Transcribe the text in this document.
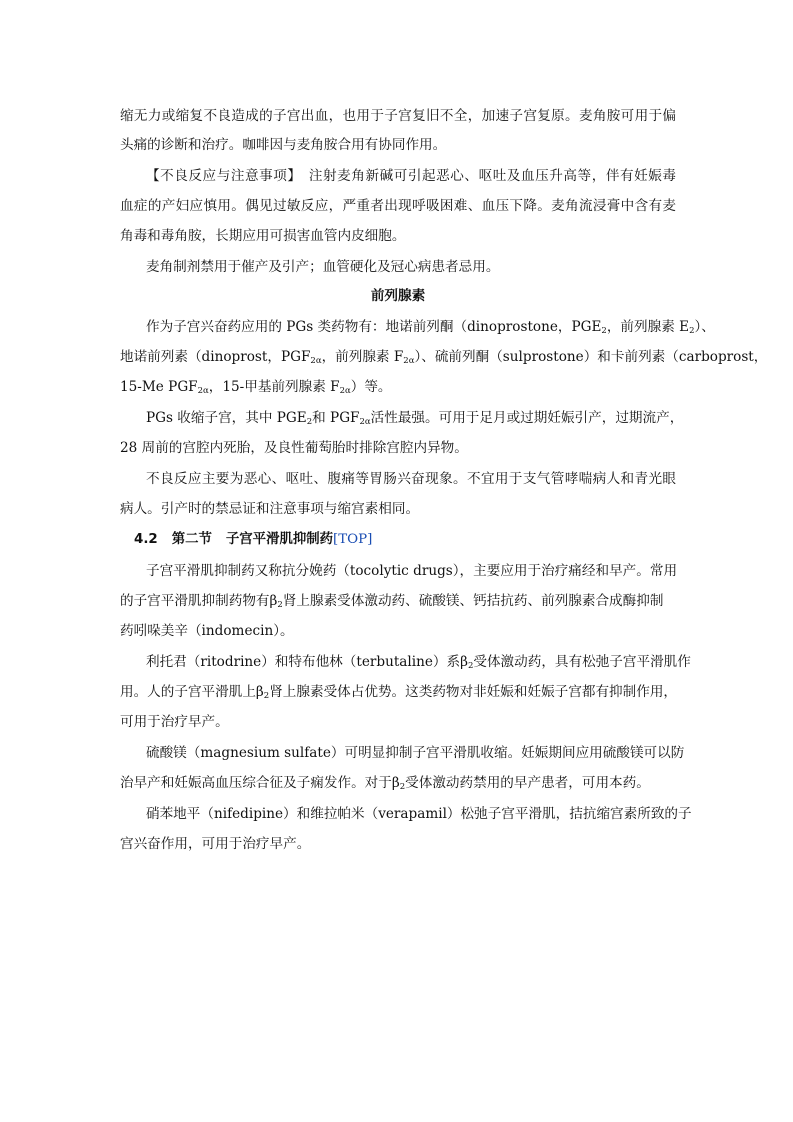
缩无力或缩复不良造成的子宫出血，也用于子宫复旧不全，加速子宫复原。麦角胺可用于偏

头痛的诊断和治疗。咖啡因与麦角胺合用有协同作用。

【不良反应与注意事项】　注射麦角新碱可引起恶心、呕吐及血压升高等，伴有妊娠毒

血症的产妇应慎用。偶见过敏反应，严重者出现呼吸困难、血压下降。麦角流浸膏中含有麦

角毒和毒角胺，长期应用可损害血管内皮细胞。

麦角制剂禁用于催产及引产；血管硬化及冠心病患者忌用。

前列腺素

作为子宫兴奋药应用的 PGs 类药物有：地诺前列酮（dinoprostone，$PGE_2$，前列腺素 $E_2$）、

地诺前列素（dinoprost，$PGF_{2\alpha}$，前列腺素 $F_{2\alpha}$）、硫前列酮（sulprostone）和卡前列素（carboprost，

15-Me $PGF_{2\alpha}$，15-甲基前列腺素 $F_{2\alpha}$）等。

PGs 收缩子宫，其中 $PGE_2$和 $PGF_{2\alpha}$活性最强。可用于足月或过期妊娠引产，过期流产，

28 周前的宫腔内死胎，及良性葡萄胎时排除宫腔内异物。

不良反应主要为恶心、呕吐、腹痛等胃肠兴奋现象。不宜用于支气管哮喘病人和青光眼

病人。引产时的禁忌证和注意事项与缩宫素相同。

4.2 第二节 子宫平滑肌抑制药[TOP]

子宫平滑肌抑制药又称抗分娩药（tocolytic drugs），主要应用于治疗痛经和早产。常用

的子宫平滑肌抑制药物有$\beta_2$肾上腺素受体激动药、硫酸镁、钙拮抗药、前列腺素合成酶抑制

药吲哚美辛（indomecin）。

利托君（ritodrine）和特布他林（terbutaline）系$\beta_2$受体激动药，具有松弛子宫平滑肌作

用。人的子宫平滑肌上$\beta_2$肾上腺素受体占优势。这类药物对非妊娠和妊娠子宫都有抑制作用，

可用于治疗早产。

硫酸镁（magnesium sulfate）可明显抑制子宫平滑肌收缩。妊娠期间应用硫酸镁可以防

治早产和妊娠高血压综合征及子痫发作。对于$\beta_2$受体激动药禁用的早产患者，可用本药。

硝苯地平（nifedipine）和维拉帕米（verapamil）松弛子宫平滑肌，拮抗缩宫素所致的子

宫兴奋作用，可用于治疗早产。
